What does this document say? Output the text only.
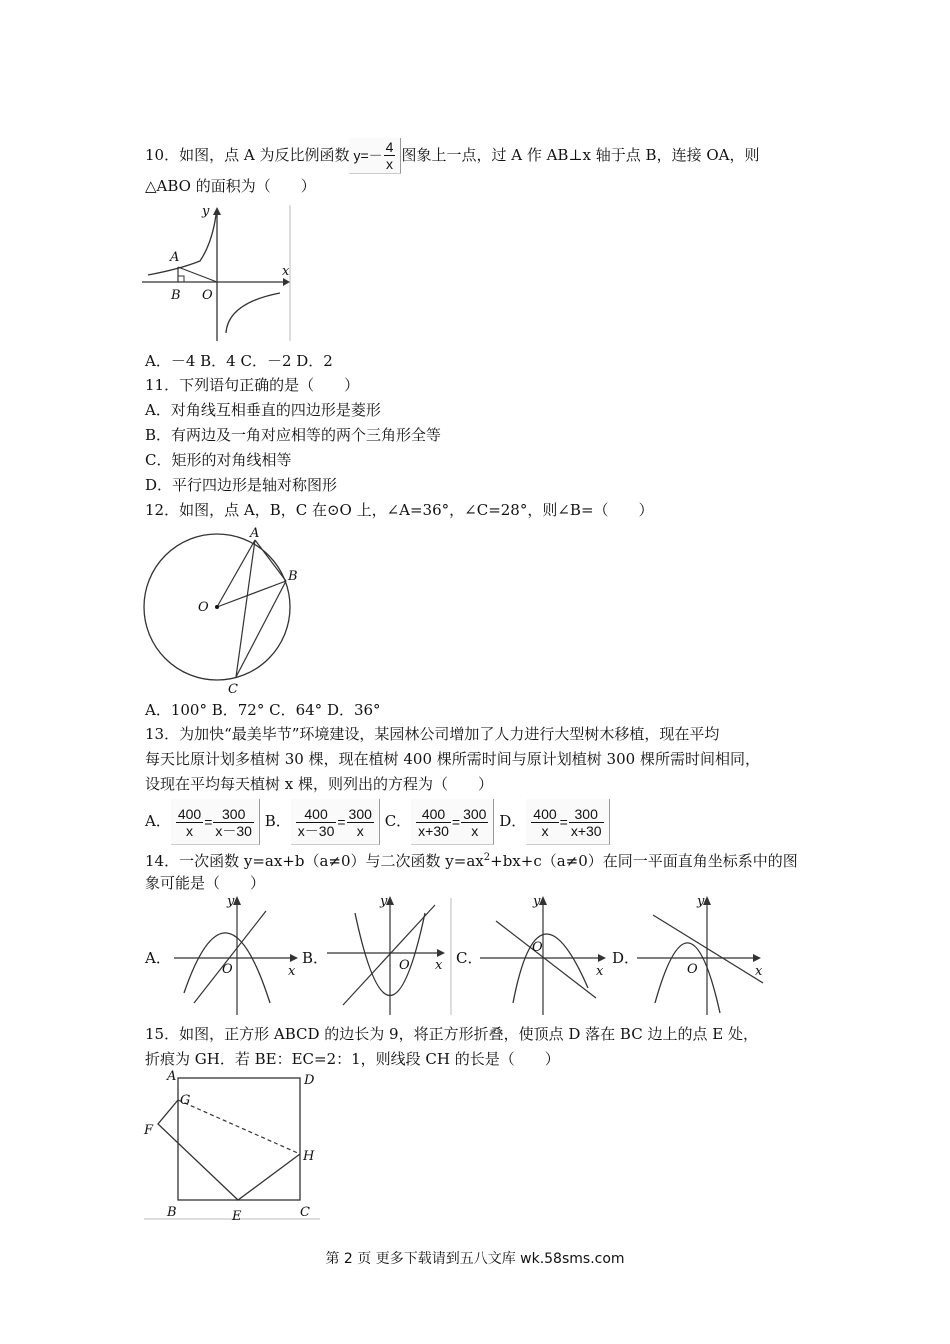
10．如图，点 A 为反比例函数 $y=- \frac{4}{x}$ 图象上一点，过 A 作 AB⊥x 轴于点 B，连接 OA，则
△ABO 的面积为（　　）
y
x
A
B O
A．－4 B．4 C．－2 D．2
11．下列语句正确的是（　　）
A．对角线互相垂直的四边形是菱形
B．有两边及一角对应相等的两个三角形全等
C．矩形的对角线相等
D．平行四边形是轴对称图形
12．如图，点 A，B，C 在⊙O 上，∠A=36°，∠C=28°，则∠B=（　　）
A
B
C
O
A．100° B．72° C．64° D．36°
13．为加快“最美毕节”环境建设，某园林公司增加了人力进行大型树木移植，现在平均
每天比原计划多植树 30 棵，现在植树 400 棵所需时间与原计划植树 300 棵所需时间相同，
设现在平均每天植树 x 棵，则列出的方程为（　　）
A． $\frac{400}{x} = \frac{300}{x-30}$ B． $\frac{400}{x-30} = \frac{300}{x}$ C． $\frac{400}{x+30} = \frac{300}{x}$ D． $\frac{400}{x} = \frac{300}{x+30}$
14．一次函数 y=ax+b（a≠0）与二次函数 $y=ax^2+bx+c(a\ne 0)$在同一平面直角坐标系中的图
象可能是（　　）
A．
y
x
O
B．
y
x
O	C．
y
x
O
D．
y
x
O
15．如图，正方形 ABCD 的边长为 9，将正方形折叠，使顶点 D 落在 BC 边上的点 E 处，
折痕为 GH．若 BE：EC=2：1，则线段 CH 的长是（　　）
A	D
G
F
H
B	E	C
第 2 页 更多下载请到五八文库 wk.58sms.com
